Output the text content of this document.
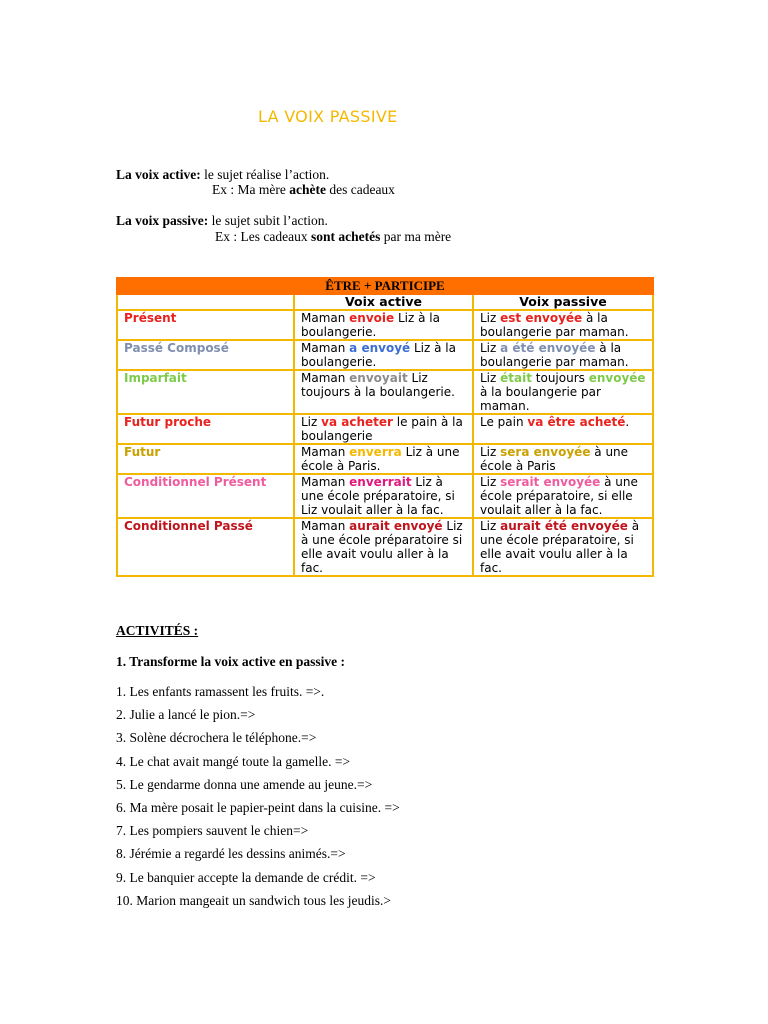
LA VOIX PASSIVE
La voix active: le sujet réalise l’action.
Ex : Ma mère achète des cadeaux
La voix passive: le sujet subit l’action.
Ex : Les cadeaux sont achetés par ma mère
ÊTRE + PARTICIPE		
	Voix active	Voix passive
Présent	Maman envoie Liz à la boulangerie.	Liz est envoyée à la boulangerie par maman.
Passé Composé	Maman a envoyé Liz à la boulangerie.	Liz a été envoyée à la boulangerie par maman.
Imparfait	Maman envoyait Liz toujours à la boulangerie.	Liz était toujours envoyée à la boulangerie par maman.
Futur proche	Liz va acheter le pain à la boulangerie	Le pain va être acheté.
Futur	Maman enverra Liz à une école à Paris.	Liz sera envoyée à une école à Paris
Conditionnel Présent	Maman enverrait Liz à une école préparatoire, si Liz voulait aller à la fac.	Liz serait envoyée à une école préparatoire, si elle voulait aller à la fac.
Conditionnel Passé	Maman aurait envoyé Liz à une école préparatoire si elle avait voulu aller à la fac.	Liz aurait été envoyée à une école préparatoire, si elle avait voulu aller à la fac.
ACTIVITÉS :
1. Transforme la voix active en passive :
1. Les enfants ramassent les fruits. =>.
2. Julie a lancé le pion.=>
3. Solène décrochera le téléphone.=>
4. Le chat avait mangé toute la gamelle. =>
5. Le gendarme donna une amende au jeune.=>
6. Ma mère posait le papier-peint dans la cuisine. =>
7. Les pompiers sauvent le chien=>
8. Jérémie a regardé les dessins animés.=>
9. Le banquier accepte la demande de crédit. =>
10. Marion mangeait un sandwich tous les jeudis.>
